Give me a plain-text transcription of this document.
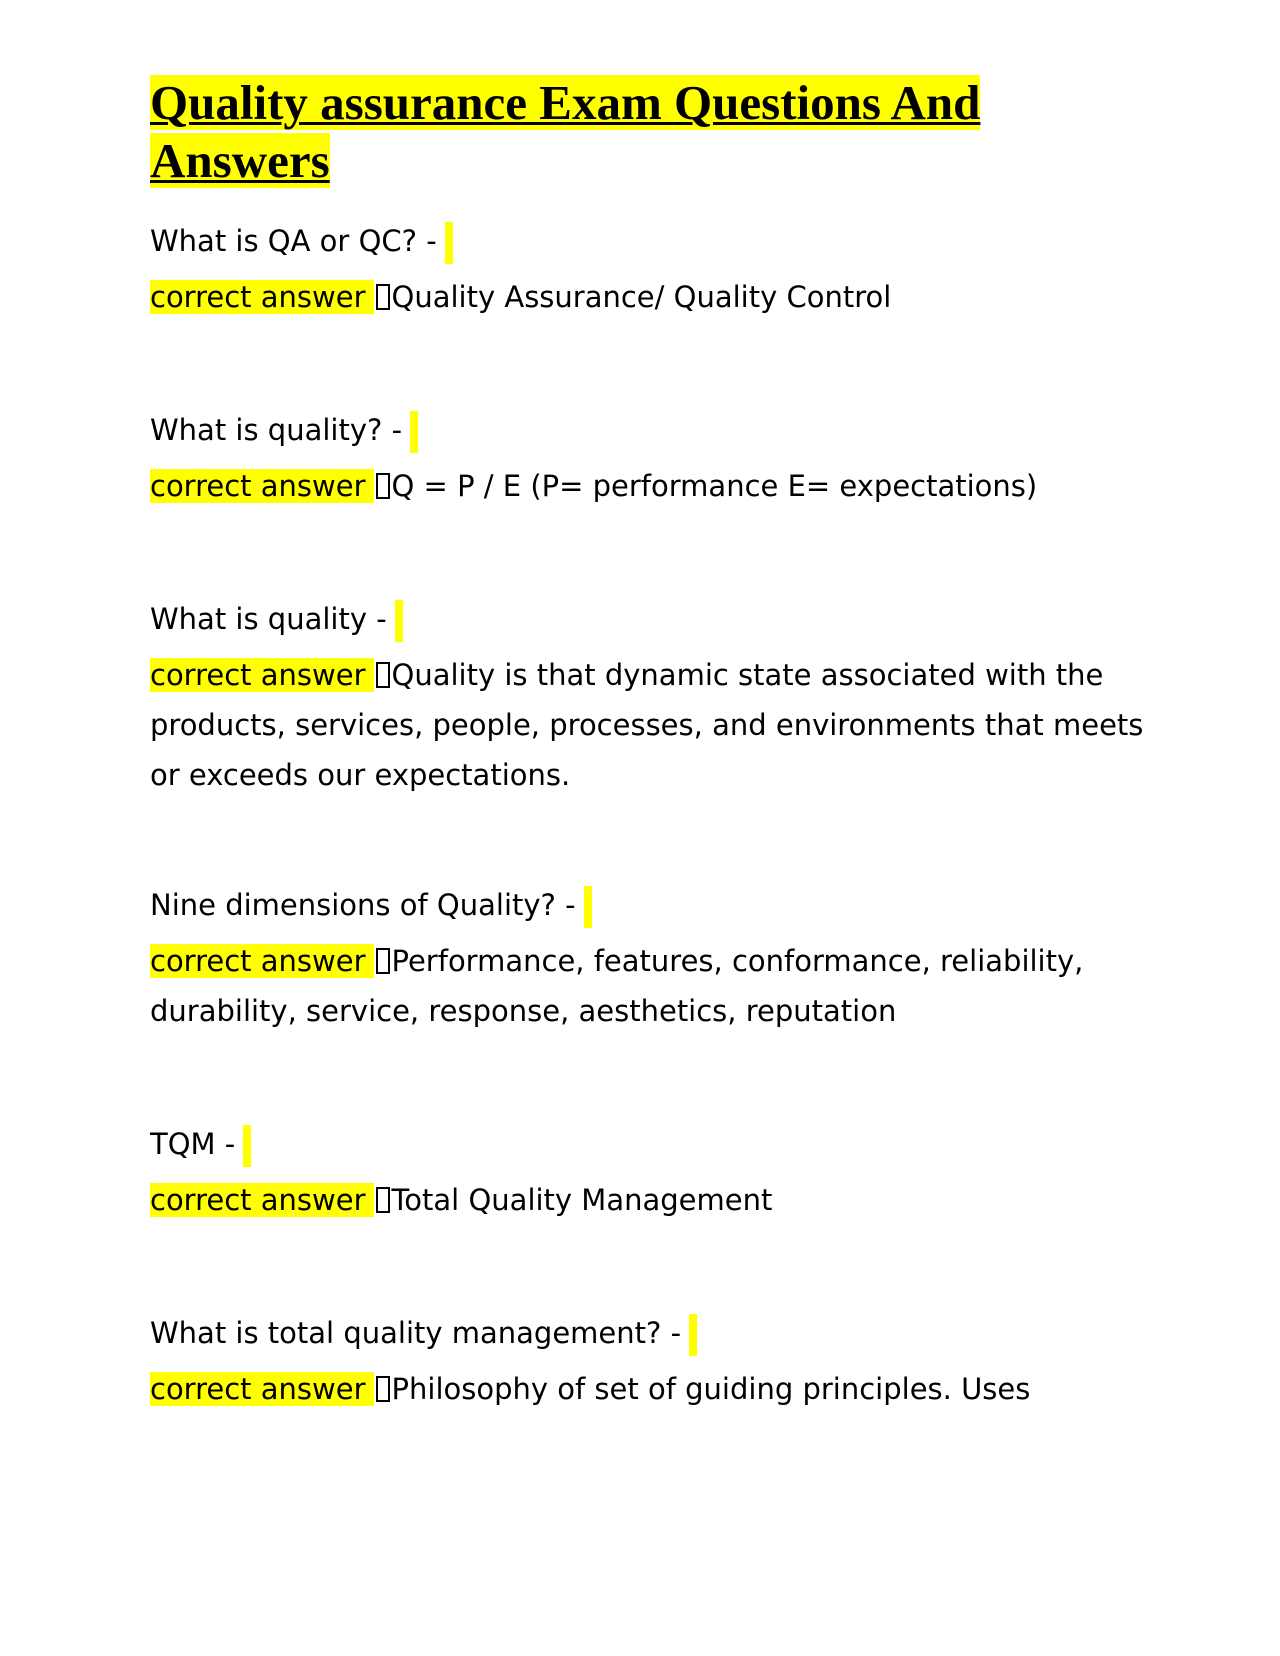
Quality assurance Exam Questions And Answers
What is QA or QC? -
correct answer Quality Assurance/ Quality Control
What is quality? -
correct answer Q = P / E (P= performance E= expectations)
What is quality -
correct answer Quality is that dynamic state associated with the
products, services, people, processes, and environments that meets
or exceeds our expectations.
Nine dimensions of Quality? -
correct answer Performance, features, conformance, reliability,
durability, service, response, aesthetics, reputation
TQM -
correct answer Total Quality Management
What is total quality management? -
correct answer Philosophy of set of guiding principles. Uses
